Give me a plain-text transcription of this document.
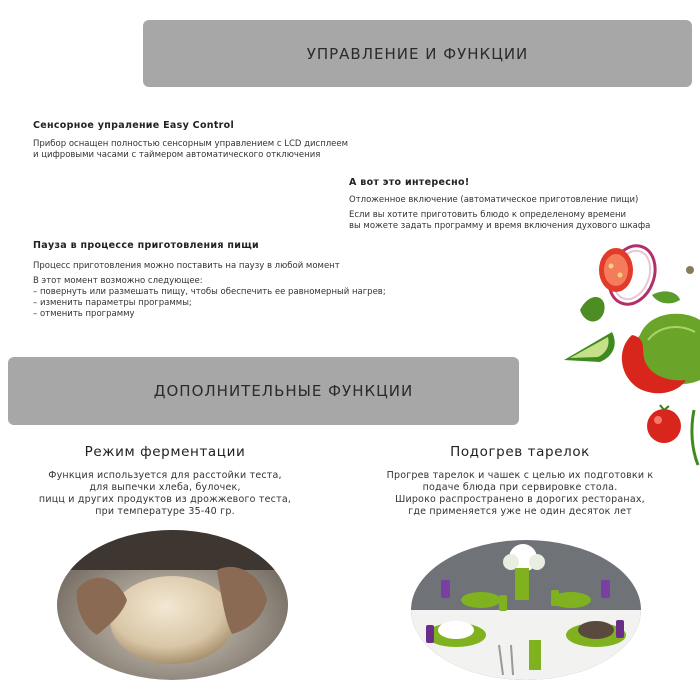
УПРАВЛЕНИЕ И ФУНКЦИИ
Сенсорное упраление Easy Control
Прибор оснащен полностью сенсорным управлением с LCD дисплеем
и цифровыми часами с таймером автоматического отключения
А вот это интересно!
Отложенное включение (автоматическое приготовление пищи)
Если вы хотите приготовить блюдо к определеному времени
вы можете задать программу и время включения духового шкафа
Пауза в процессе приготовления пищи
Процесс приготовления можно поставить на паузу в любой момент
В этот момент возможно следующее:
– повернуть или размешать пищу, чтобы обеспечить ее равномерный нагрев;
– изменить параметры программы;
– отменить программу
ДОПОЛНИТЕЛЬНЫЕ ФУНКЦИИ
Режим ферментации
Функция используется для расстойки теста,
для выпечки хлеба, булочек,
пицц и других продуктов из дрожжевого теста,
при температуре 35-40 гр.
Подогрев тарелок
Прогрев тарелок и чашек с целью их подготовки к
подаче блюда при сервировке стола.
Широко распространено в дорогих ресторанах,
где применяется уже не один десяток лет
